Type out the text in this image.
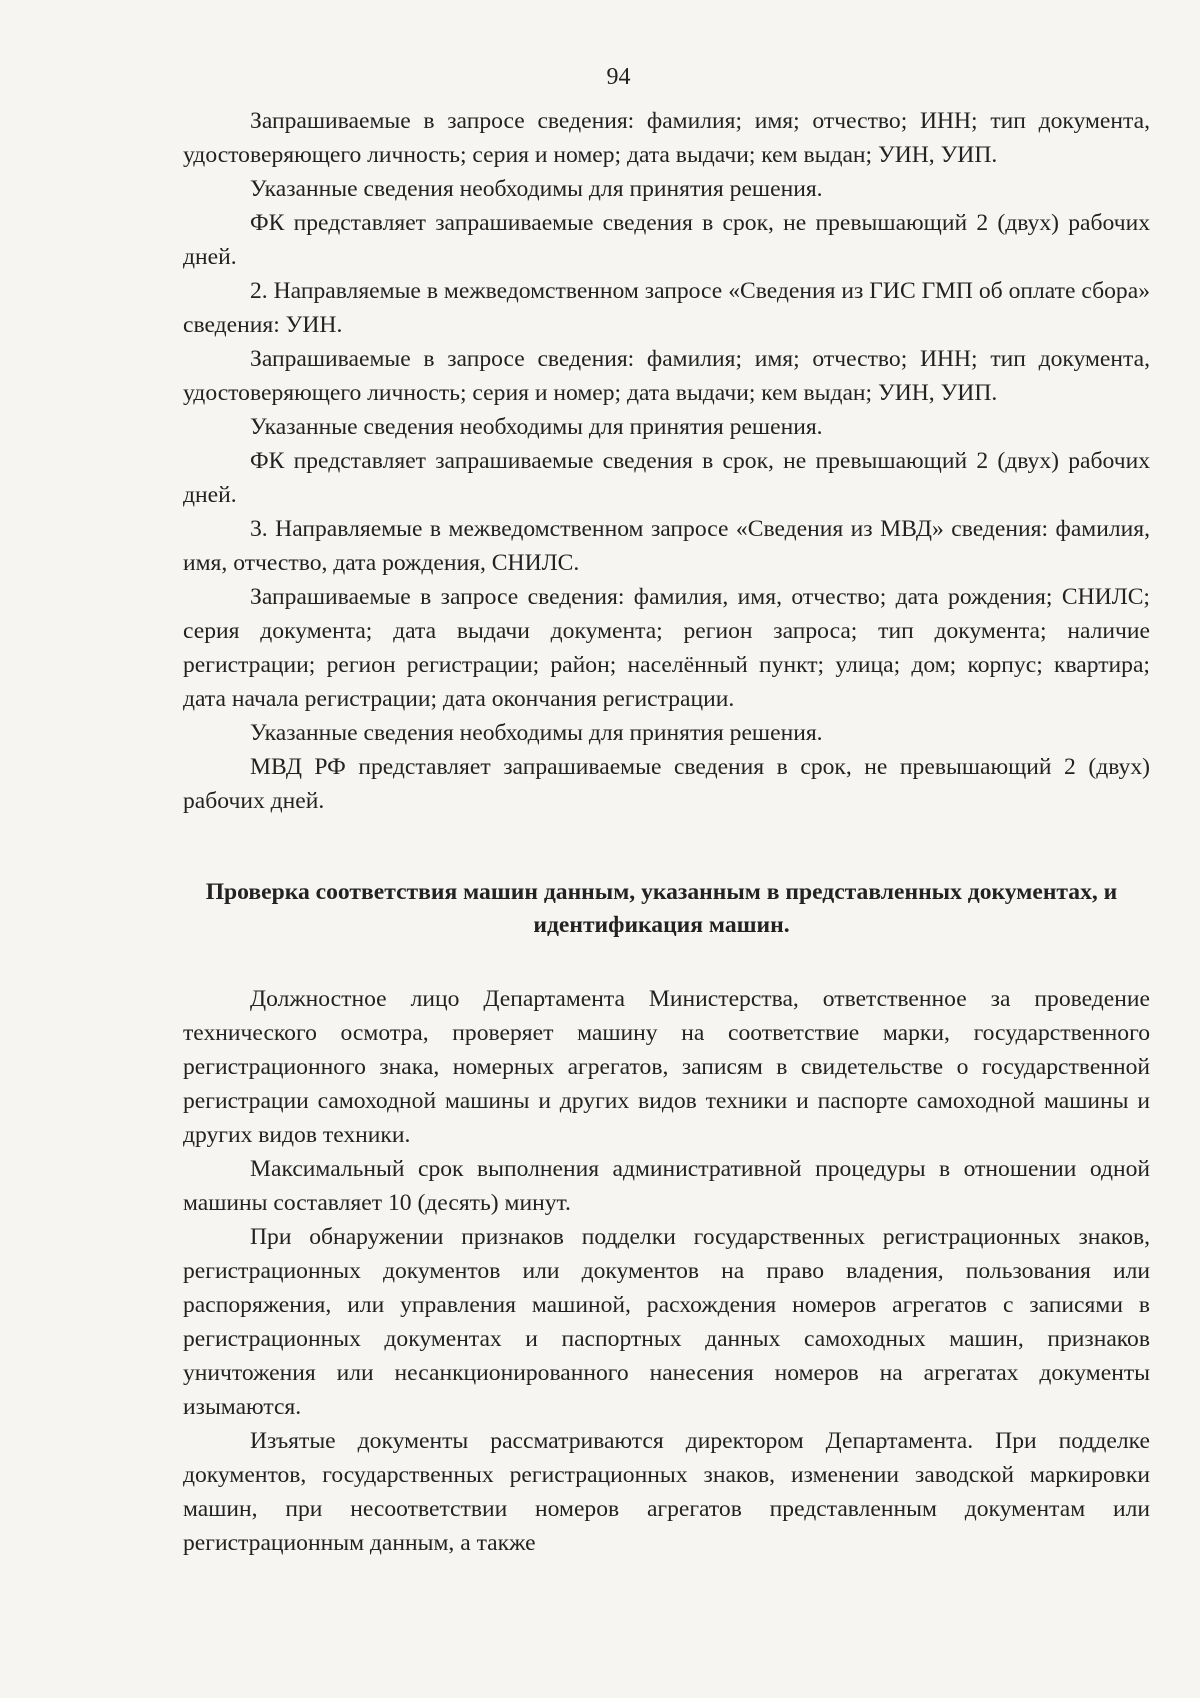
94

Запрашиваемые в запросе сведения: фамилия; имя; отчество; ИНН; тип документа, удостоверяющего личность; серия и номер; дата выдачи; кем выдан; УИН, УИП.

Указанные сведения необходимы для принятия решения.

ФК представляет запрашиваемые сведения в срок, не превышающий 2 (двух) рабочих дней.

2. Направляемые в межведомственном запросе «Сведения из ГИС ГМП об оплате сбора» сведения: УИН.

Запрашиваемые в запросе сведения: фамилия; имя; отчество; ИНН; тип документа, удостоверяющего личность; серия и номер; дата выдачи; кем выдан; УИН, УИП.

Указанные сведения необходимы для принятия решения.

ФК представляет запрашиваемые сведения в срок, не превышающий 2 (двух) рабочих дней.

3. Направляемые в межведомственном запросе «Сведения из МВД» сведения: фамилия, имя, отчество, дата рождения, СНИЛС.

Запрашиваемые в запросе сведения: фамилия, имя, отчество; дата рождения; СНИЛС; серия документа; дата выдачи документа; регион запроса; тип документа; наличие регистрации; регион регистрации; район; населённый пункт; улица; дом; корпус; квартира; дата начала регистрации; дата окончания регистрации.

Указанные сведения необходимы для принятия решения.

МВД РФ представляет запрашиваемые сведения в срок, не превышающий 2 (двух) рабочих дней.

Проверка соответствия машин данным, указанным в представленных документах, и идентификация машин.

Должностное лицо Департамента Министерства, ответственное за проведение технического осмотра, проверяет машину на соответствие марки, государственного регистрационного знака, номерных агрегатов, записям в свидетельстве о государственной регистрации самоходной машины и других видов техники и паспорте самоходной машины и других видов техники.

Максимальный срок выполнения административной процедуры в отношении одной машины составляет 10 (десять) минут.

При обнаружении признаков подделки государственных регистрационных знаков, регистрационных документов или документов на право владения, пользования или распоряжения, или управления машиной, расхождения номеров агрегатов с записями в регистрационных документах и паспортных данных самоходных машин, признаков уничтожения или несанкционированного нанесения номеров на агрегатах документы изымаются.

Изъятые документы рассматриваются директором Департамента. При подделке документов, государственных регистрационных знаков, изменении заводской маркировки машин, при несоответствии номеров агрегатов представленным документам или регистрационным данным, а также
